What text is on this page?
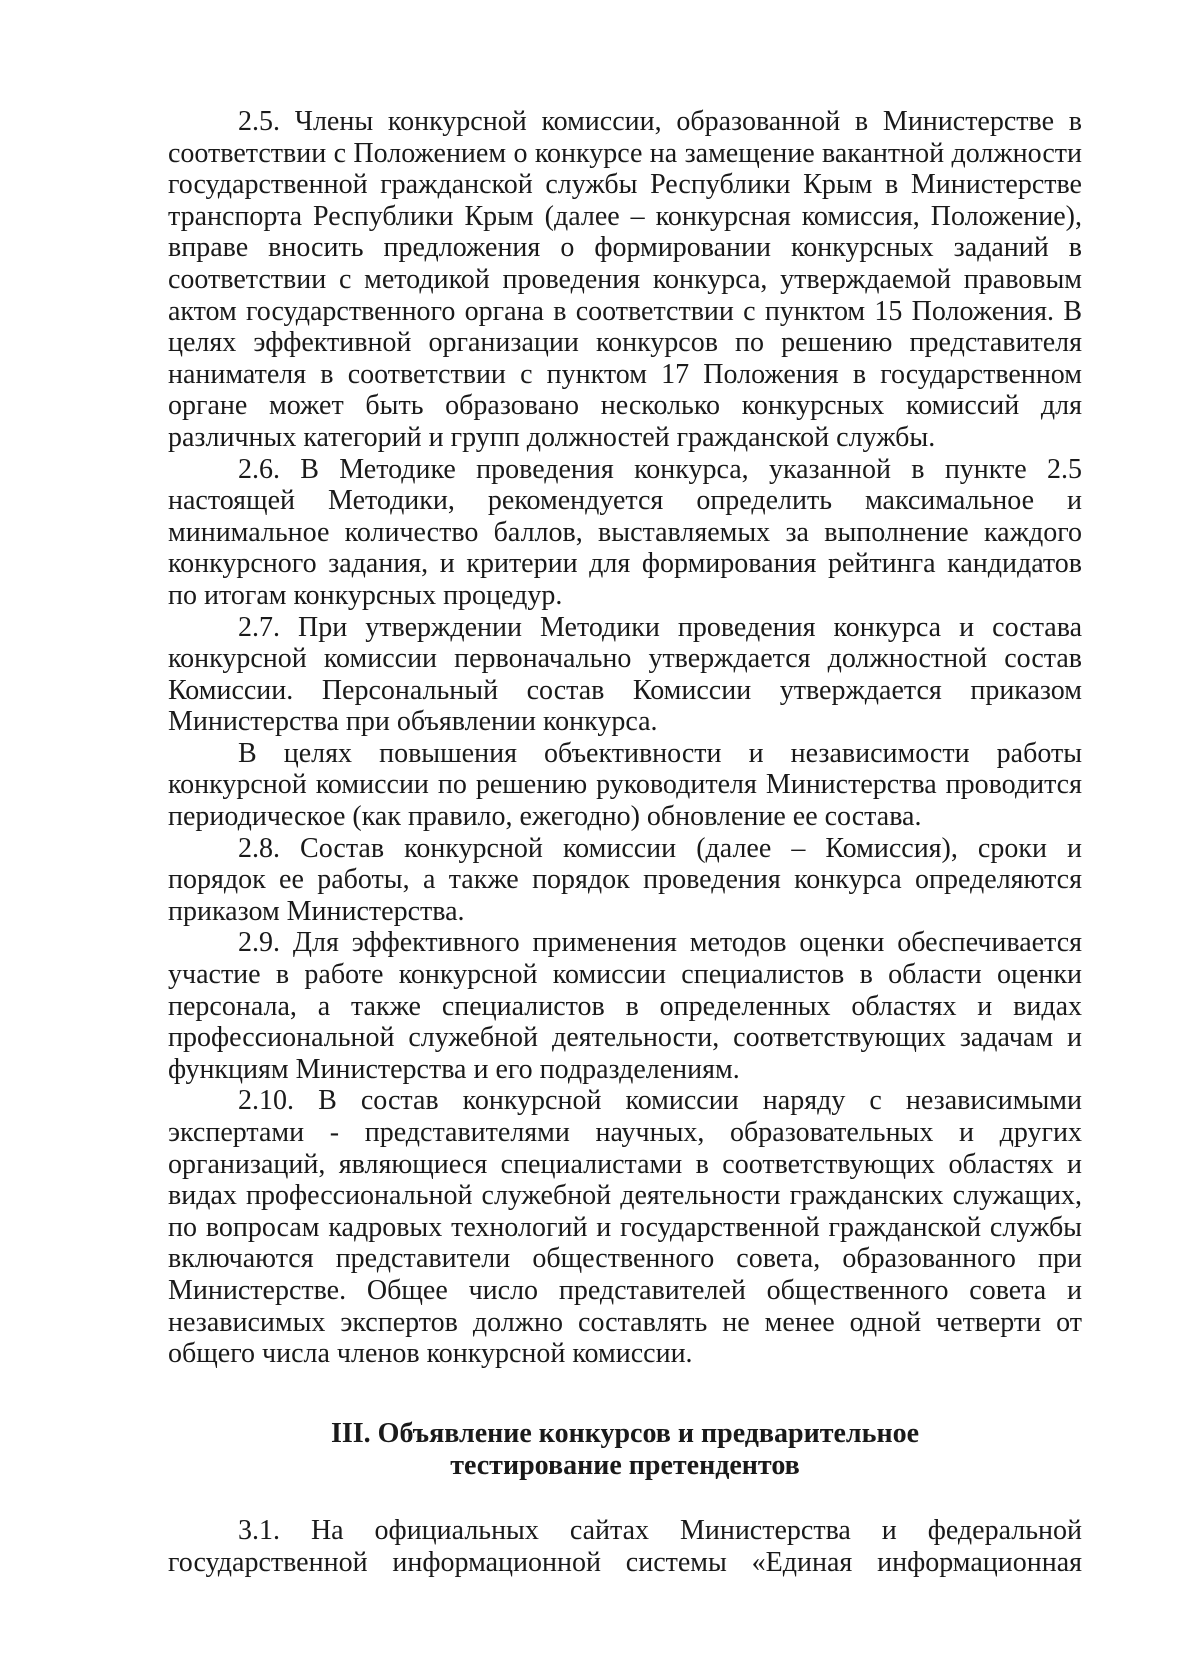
2.5. Члены конкурсной комиссии, образованной в Министерстве в соответствии с Положением о конкурсе на замещение вакантной должности государственной гражданской службы Республики Крым в Министерстве транспорта Республики Крым (далее – конкурсная комиссия, Положение), вправе вносить предложения о формировании конкурсных заданий в соответствии с методикой проведения конкурса, утверждаемой правовым актом государственного органа в соответствии с пунктом 15 Положения. В целях эффективной организации конкурсов по решению представителя нанимателя в соответствии с пунктом 17 Положения в государственном органе может быть образовано несколько конкурсных комиссий для различных категорий и групп должностей гражданской службы.

2.6. В Методике проведения конкурса, указанной в пункте 2.5 настоящей Методики, рекомендуется определить максимальное и минимальное количество баллов, выставляемых за выполнение каждого конкурсного задания, и критерии для формирования рейтинга кандидатов по итогам конкурсных процедур.

2.7. При утверждении Методики проведения конкурса и состава конкурсной комиссии первоначально утверждается должностной состав Комиссии. Персональный состав Комиссии утверждается приказом Министерства при объявлении конкурса.

В целях повышения объективности и независимости работы конкурсной комиссии по решению руководителя Министерства проводится периодическое (как правило, ежегодно) обновление ее состава.

2.8. Состав конкурсной комиссии (далее – Комиссия), сроки и порядок ее работы, а также порядок проведения конкурса определяются приказом Министерства.

2.9. Для эффективного применения методов оценки обеспечивается участие в работе конкурсной комиссии специалистов в области оценки персонала, а также специалистов в определенных областях и видах профессиональной служебной деятельности, соответствующих задачам и функциям Министерства и его подразделениям.

2.10. В состав конкурсной комиссии наряду с независимыми экспертами - представителями научных, образовательных и других организаций, являющиеся специалистами в соответствующих областях и видах профессиональной служебной деятельности гражданских служащих, по вопросам кадровых технологий и государственной гражданской службы включаются представители общественного совета, образованного при Министерстве. Общее число представителей общественного совета и независимых экспертов должно составлять не менее одной четверти от общего числа членов конкурсной комиссии.

III. Объявление конкурсов и предварительное
тестирование претендентов

3.1. На официальных сайтах Министерства и федеральной государственной информационной системы «Единая информационная
